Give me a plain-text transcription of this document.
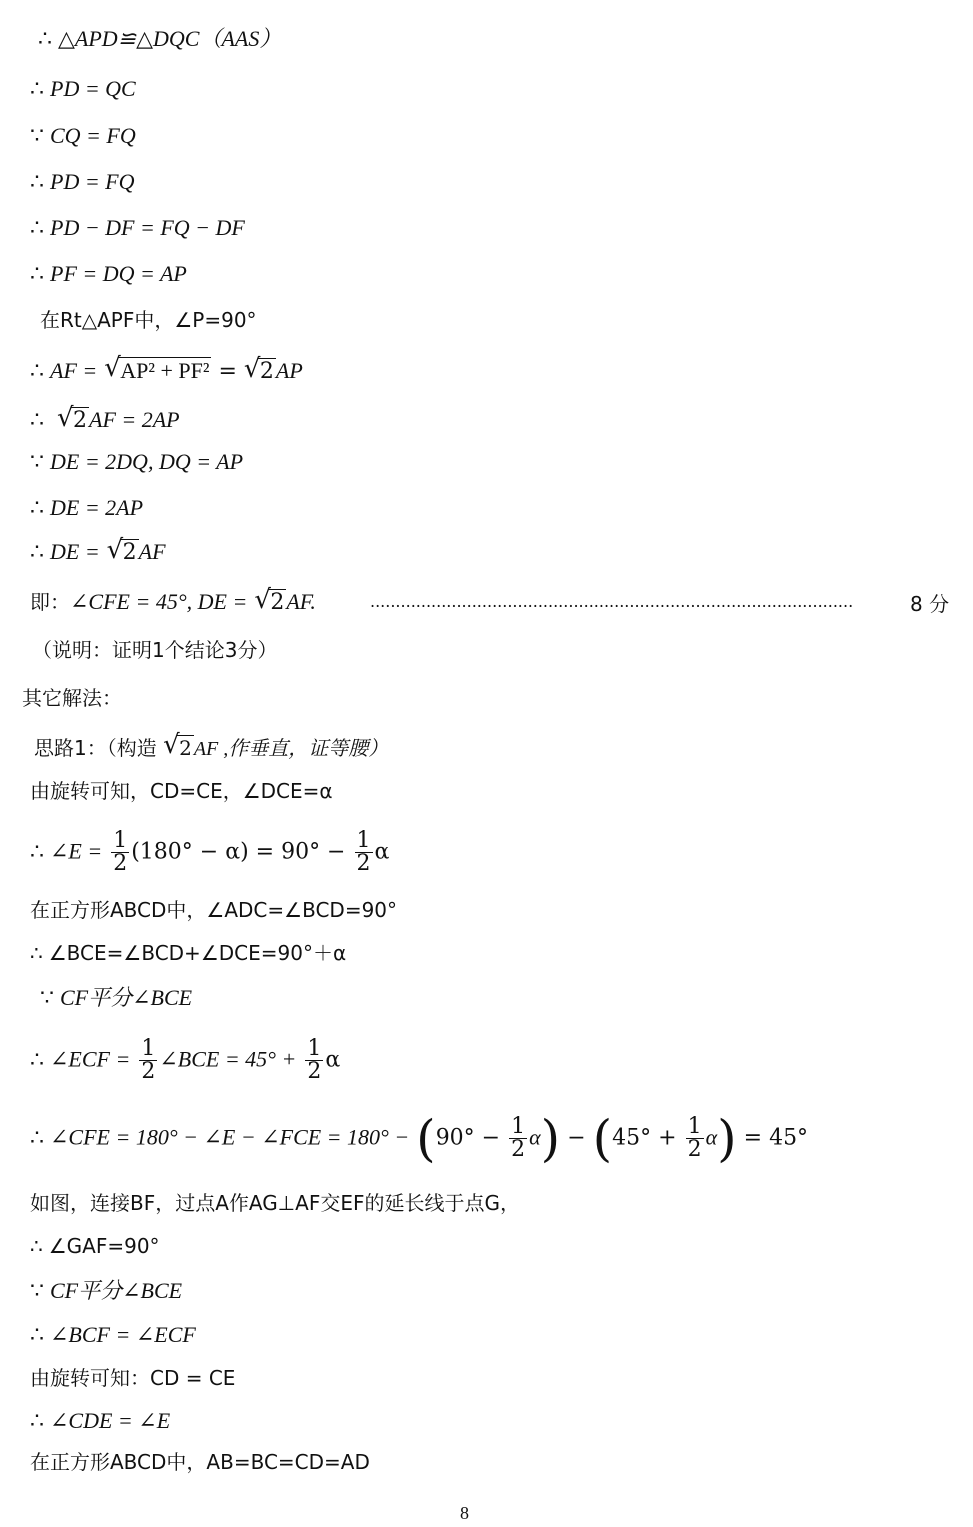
∴ △APD≌△DQC（AAS）
∴ PD = QC
∵ CQ = FQ
∴ PD = FQ
∴ PD − DF = FQ − DF
∴ PF = DQ = AP
在Rt△APF中，∠P=90°
∴ AF = √ AP² + PF² = √ 2AP
∴ √ 2AF = 2AP
∵ DE = 2DQ, DQ = AP
∴ DE = 2AP
∴ DE = √ 2AF
即：∠CFE = 45°, DE = √ 2AF.	...............................................................................................	8 分
（说明：证明1个结论3分）
其它解法：
思路1：（构造 √ 2 AF ,作垂直，证等腰）
由旋转可知，CD=CE，∠DCE=α
∴ ∠E = $\frac{1}{2} (180^\circ - \alpha) = 90^\circ - \frac{1}{2}$ α
在正方形ABCD中，∠ADC=∠BCD=90°
∴ ∠BCE=∠BCD+∠DCE=90°＋α
∵ CF平分∠BCE
∴ ∠ECF = $\frac{1}{2}$ ∠BCE = $45^\circ + \frac{1}{2}$ α
∴ ∠CFE = 180° − ∠E − ∠FCE = $180^\circ - (90^\circ - \frac{1}{2} \alpha) - (45^\circ + \frac{1}{2} \alpha) = 45^\circ$
如图，连接BF，过点A作AG⊥AF交EF的延长线于点G，
∴ ∠GAF=90°
∵ CF平分∠BCE
∴ ∠BCF = ∠ECF
由旋转可知：CD = CE
∴ ∠CDE = ∠E
在正方形ABCD中，AB=BC=CD=AD
8
